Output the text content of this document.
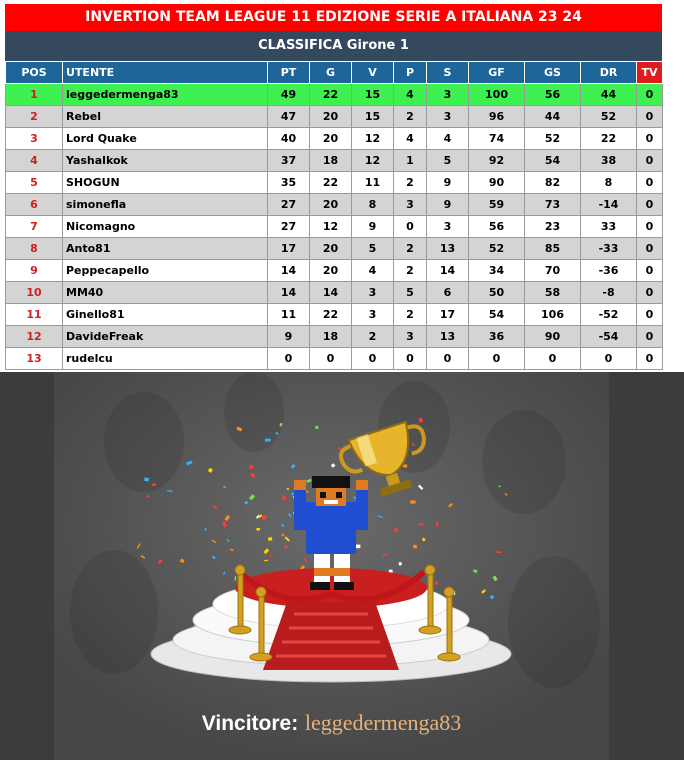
INVERTION TEAM LEAGUE 11 EDIZIONE SERIE A ITALIANA 23 24
CLASSIFICA Girone 1
POS	UTENTE	PT	G	V	P	S	GF	GS	DR	TV
1	leggedermenga83	49	22	15	4	3	100	56	44	0
2	Rebel	47	20	15	2	3	96	44	52	0
3	Lord Quake	40	20	12	4	4	74	52	22	0
4	Yashalkok	37	18	12	1	5	92	54	38	0
5	SHOGUN	35	22	11	2	9	90	82	8	0
6	simonefla	27	20	8	3	9	59	73	-14	0
7	Nicomagno	27	12	9	0	3	56	23	33	0
8	Anto81	17	20	5	2	13	52	85	-33	0
9	Peppecapello	14	20	4	2	14	34	70	-36	0
10	MM40	14	14	3	5	6	50	58	-8	0
11	Ginello81	11	22	3	2	17	54	106	-52	0
12	DavideFreak	9	18	2	3	13	36	90	-54	0
13	rudelcu	0	0	0	0	0	0	0	0	0
Vincitore: leggedermenga83
